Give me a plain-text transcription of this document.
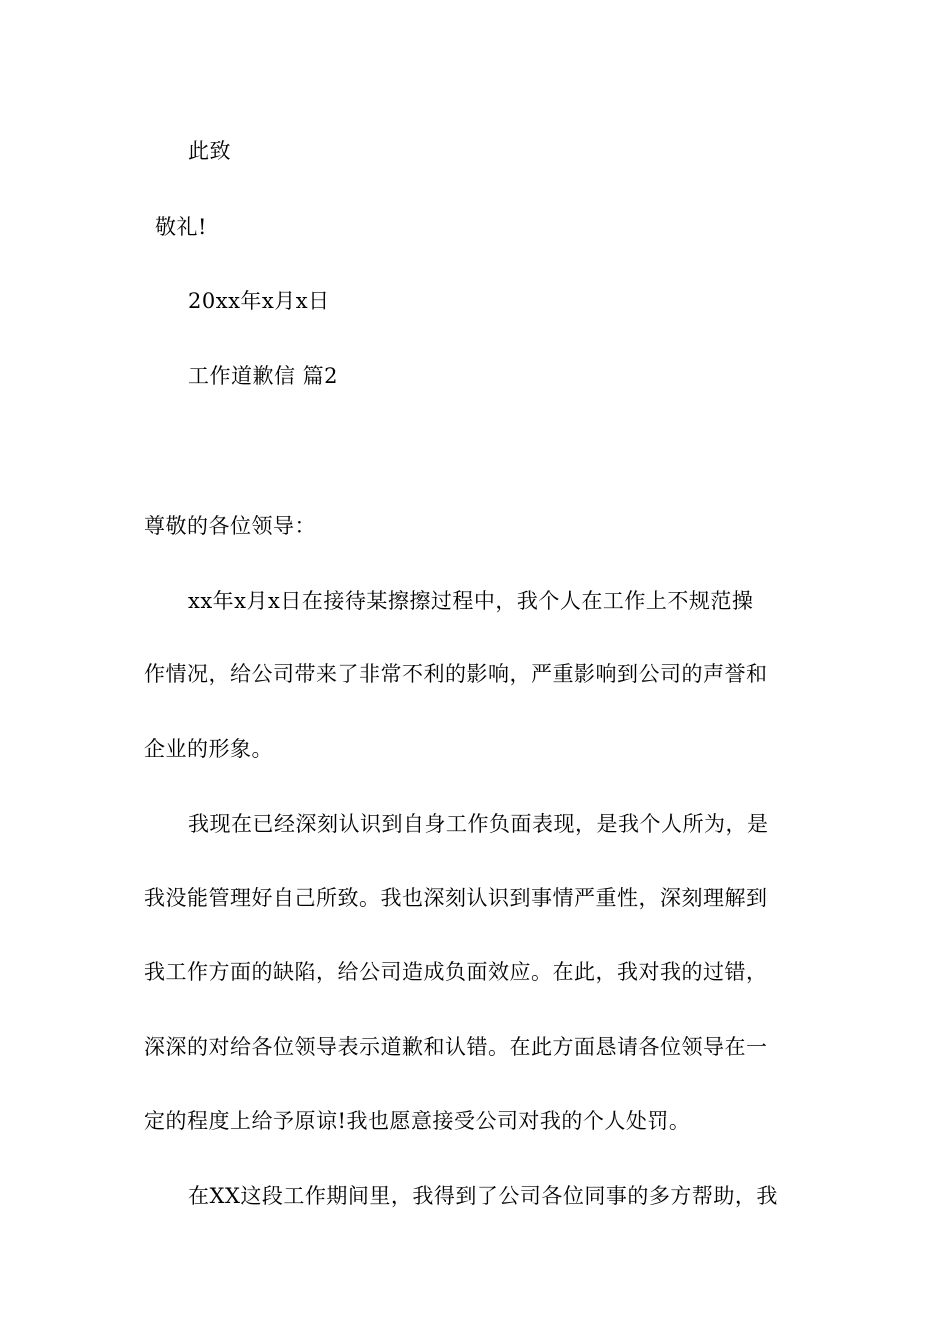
此致
敬礼!
20xx年x月x日
工作道歉信 篇2
尊敬的各位领导：
xx年x月x日在接待某擦擦过程中，我个人在工作上不规范操
作情况，给公司带来了非常不利的影响，严重影响到公司的声誉和
企业的形象。
我现在已经深刻认识到自身工作负面表现，是我个人所为，是
我没能管理好自己所致。我也深刻认识到事情严重性，深刻理解到
我工作方面的缺陷，给公司造成负面效应。在此，我对我的过错，
深深的对给各位领导表示道歉和认错。在此方面恳请各位领导在一
定的程度上给予原谅!我也愿意接受公司对我的个人处罚。
在XX这段工作期间里，我得到了公司各位同事的多方帮助，我
